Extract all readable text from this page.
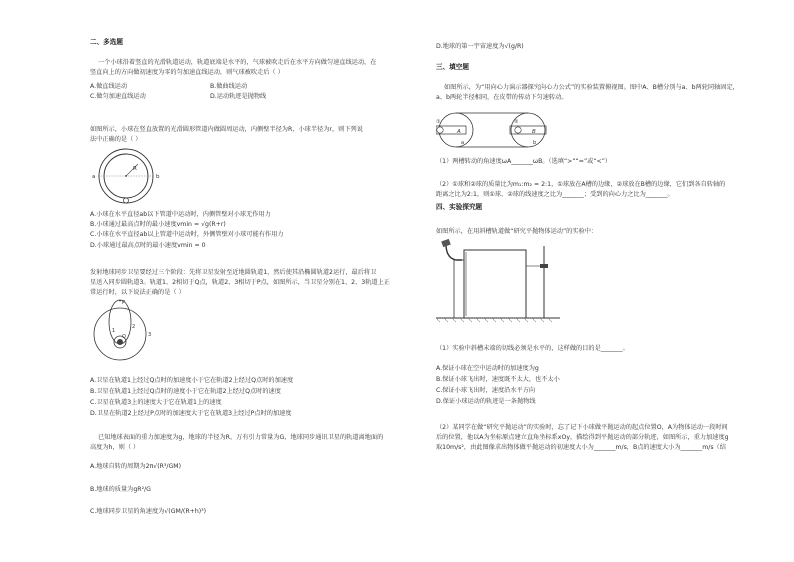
二、多选题
一个小球沿着竖直的光滑轨道运动，轨道底端是水平的，气球被吹走后在水平方向做匀速直线运动，在
竖直向上的方向做初速度为零的匀加速直线运动，则气球被吹走后（ ）
A.做直线运动	B.做曲线运动
C.做匀加速直线运动	D.运动轨迹是抛物线
如图所示，小球在竖直放置的光滑圆形管道内做圆周运动，内侧壁半径为R，小球半径为r，则下列说
法中正确的是（ ）
R
a	b
A.小球在水平直径ab以下管道中运动时，内侧管壁对小球无作用力
B.小球通过最高点时的最小速度vmin = √g(R+r)
C.小球在水平直径ab以上管道中运动时，外侧管壁对小球可能有作用力
D.小球通过最高点时的最小速度vmin = 0
发射地球同步卫星要经过三个阶段：先将卫星发射至近地圆轨道1，然后使其沿椭圆轨道2运行，最后将卫
星送入同步圆轨道3。轨道1、2相切于Q点，轨道2、3相切于P点，如图所示，当卫星分别在1、2、3轨道上正
常运行时，以下说法正确的是（ ）
P
Q
1
2
3
A.卫星在轨道1上经过Q点时的加速度小于它在轨道2上经过Q点时的加速度
B.卫星在轨道1上经过Q点时的速度小于它在轨道2上经过Q点时的速度
C.卫星在轨道3上的速度大于它在轨道1上的速度
D.卫星在轨道2上经过P点时的加速度大于它在轨道3上经过P点时的加速度
已知地球表面的重力加速度为g，地球的半径为R，万有引力常量为G，地球同步通讯卫星的轨道离地面的
高度为h，则（ ）
A.地球自转的周期为2π√(R³/GM)
B.地球的质量为gR²/G
C.地球同步卫星的角速度为√(GM/(R+h)³)
D.地球的第一宇宙速度为√(g/R)
三、填空题
如图所示，为“用向心力演示器探究向心力公式”的实验装置俯视图。图中A、B槽分别与a、b两轮同轴固定，
a、b两轮半径相同，在皮带的传动下匀速转动。
A	B
a	b
①	②
（1）两槽转动的角速度ωA_______ωB。（选填“>”“=”或“<”）
（2）①球和②球的质量比为m₁:m₂ = 2:1，①球放在A槽的边缘，②球放在B槽的边缘，它们到各自转轴的
距离之比为2:1，则①球、②球的线速度之比为_______；受到的向心力之比为_______。
四、实验探究题
如图所示，在用斜槽轨道做“研究平抛物体运动”的实验中：
（1）实验中斜槽末端的切线必须是水平的，这样做的目的是_______。
A.保证小球在空中运动时的加速度为g
B.保证小球飞出时，速度既不太大，也不太小
C.保证小球飞出时，速度沿水平方向
D.保证小球运动的轨迹是一条抛物线
（2）某同学在做“研究平抛运动”的实验时，忘了记下小球做平抛运动的起点位置O，A为物体运动一段时间
后的位置，他以A为坐标原点建立直角坐标系xOy，描绘得到平抛运动的部分轨迹，如图所示，重力加速度g
取10m/s²，由此图像求出物体做平抛运动的初速度大小为_______m/s，B点的速度大小为_______m/s（结
